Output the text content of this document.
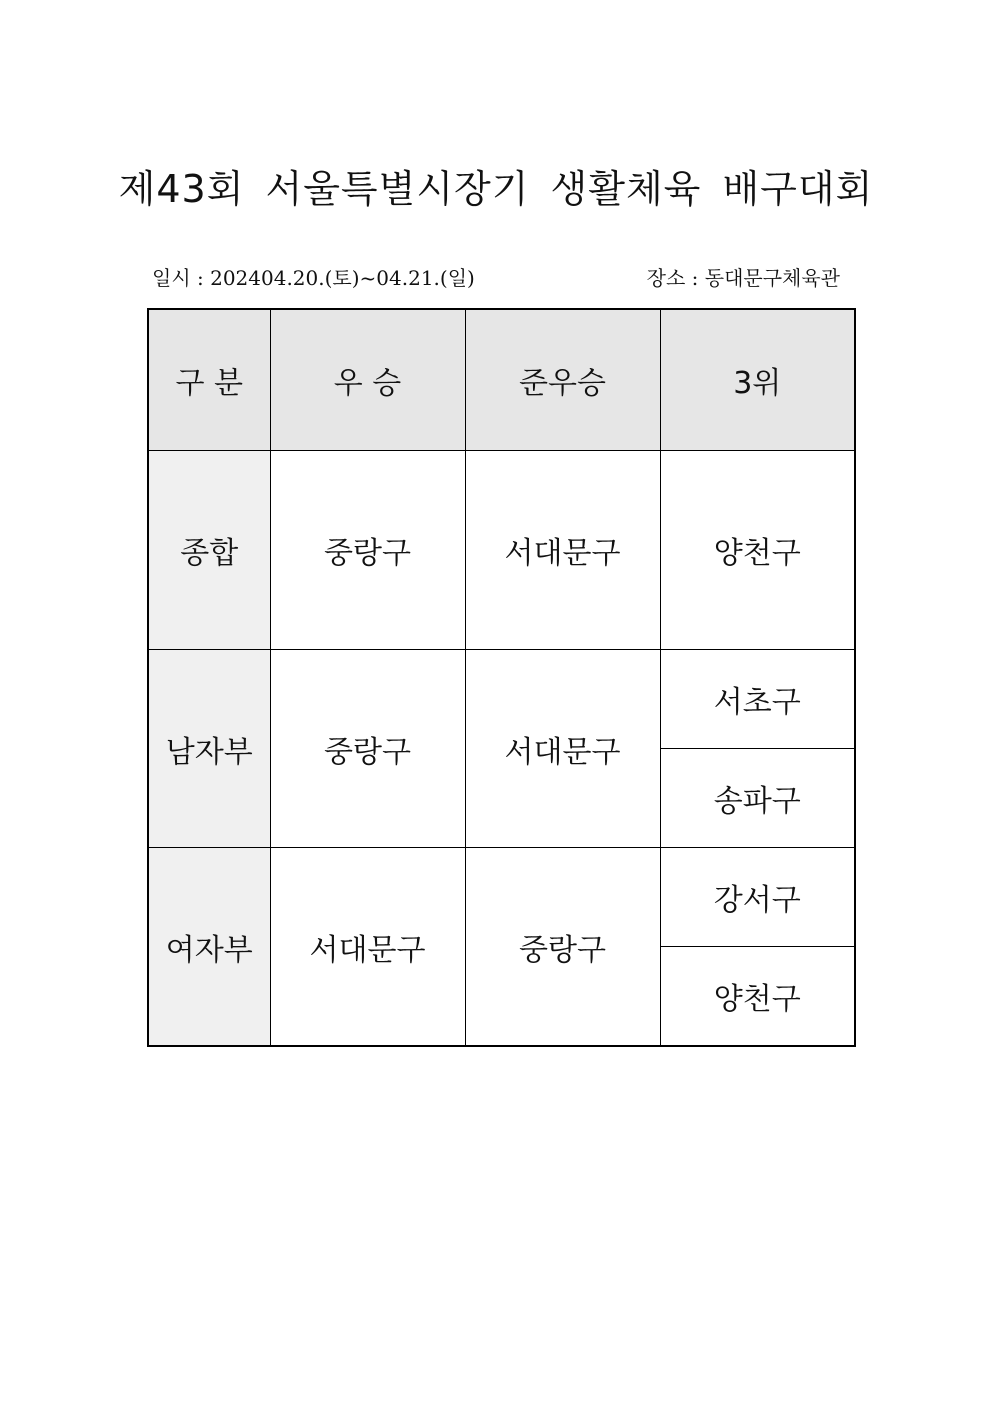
제43회 서울특별시장기 생활체육 배구대회
일시 : 202404.20.(토)~04.21.(일)	장소 : 동대문구체육관
구 분	우 승	준우승	3위
종합	중랑구	서대문구	양천구
남자부	중랑구	서대문구	서초구
			송파구
여자부	서대문구	중랑구	강서구
			양천구
